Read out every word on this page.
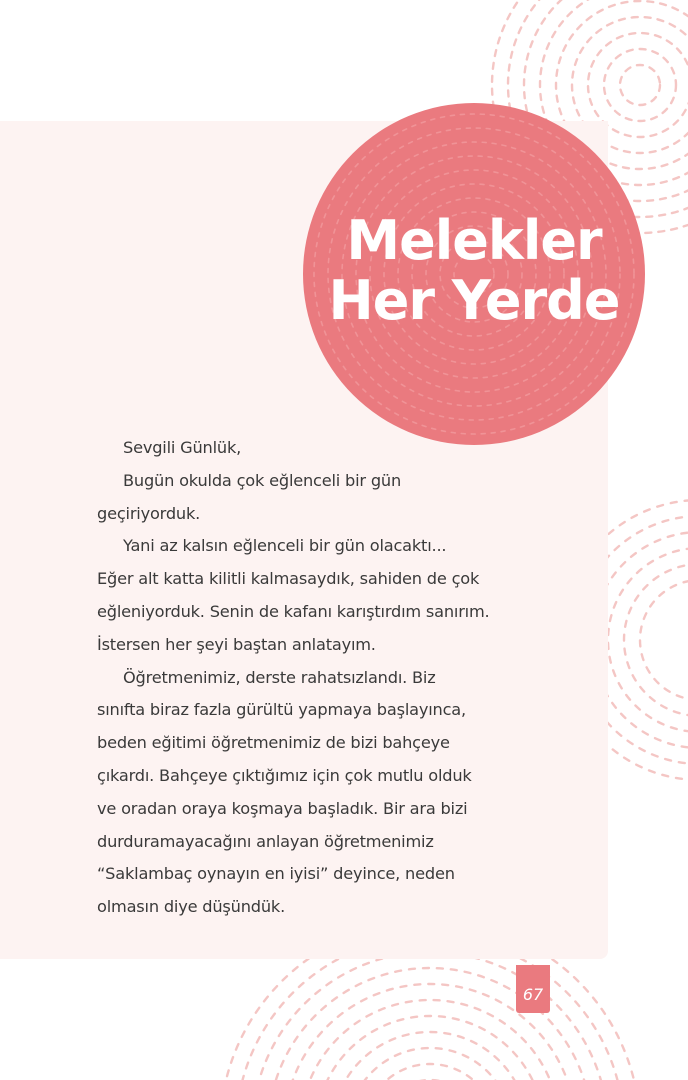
Melekler
Her Yerde

Sevgili Günlük,

Bugün okulda çok eğlenceli bir gün

geçiriyorduk.

Yani az kalsın eğlenceli bir gün olacaktı...

Eğer alt katta kilitli kalmasaydık, sahiden de çok

eğleniyorduk. Senin de kafanı karıştırdım sanırım.

İstersen her şeyi baştan anlatayım.

Öğretmenimiz, derste rahatsızlandı. Biz

sınıfta biraz fazla gürültü yapmaya başlayınca,

beden eğitimi öğretmenimiz de bizi bahçeye

çıkardı. Bahçeye çıktığımız için çok mutlu olduk

ve oradan oraya koşmaya başladık. Bir ara bizi

durduramayacağını anlayan öğretmenimiz

“Saklambaç oynayın en iyisi” deyince, neden

olmasın diye düşündük.

67
